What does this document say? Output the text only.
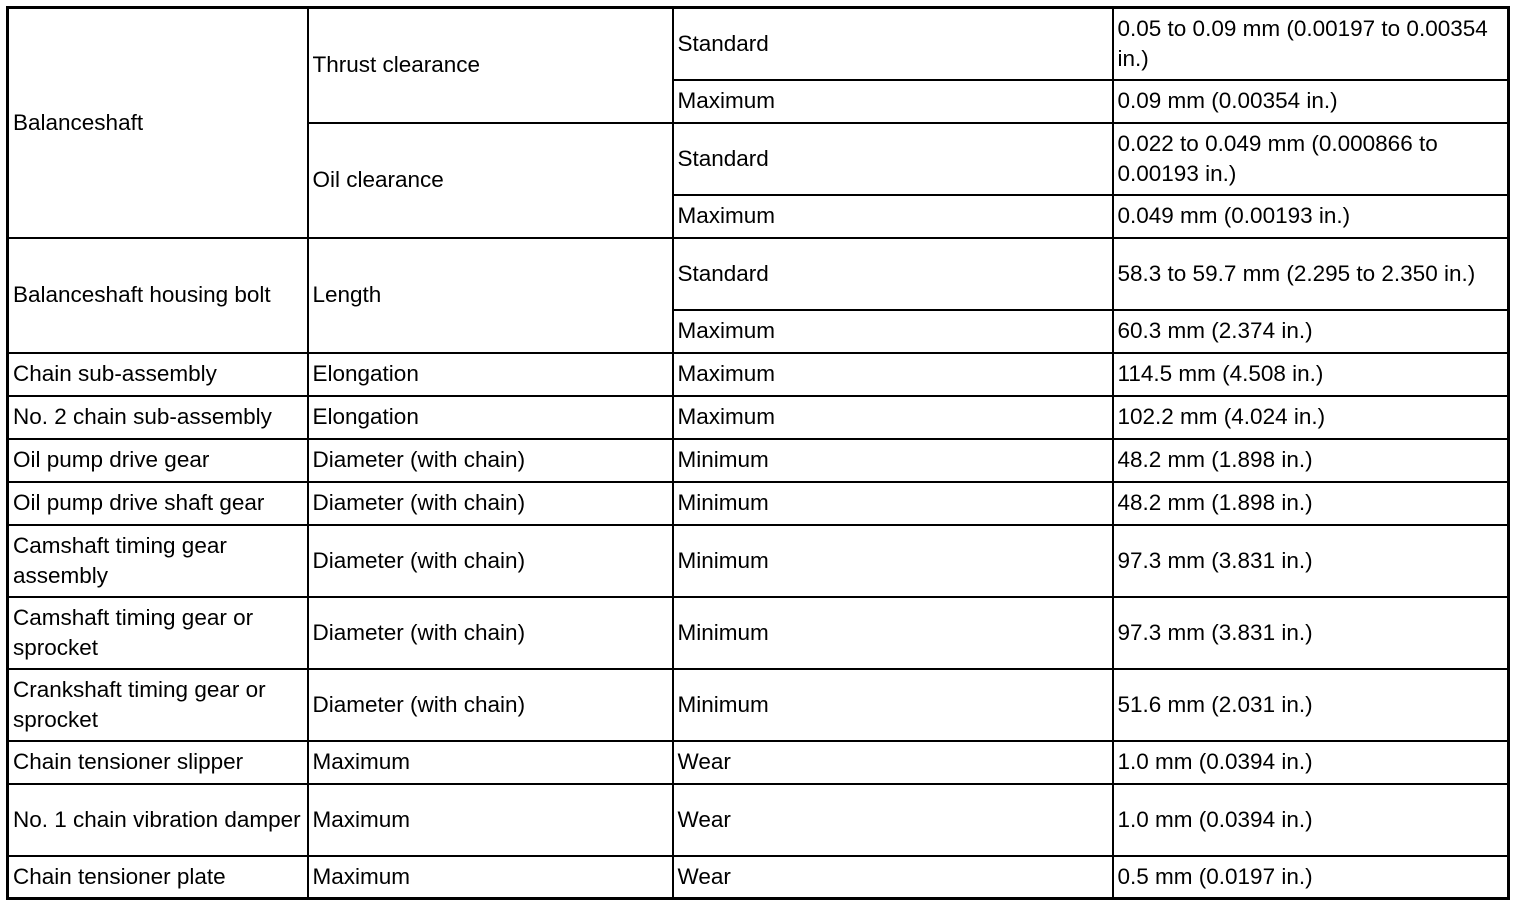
Balanceshaft	Thrust clearance	Standard	0.05 to 0.09 mm (0.00197 to 0.00354 in.)
		Maximum	0.09 mm (0.00354 in.)
	Oil clearance	Standard	0.022 to 0.049 mm (0.000866 to 0.00193 in.)
		Maximum	0.049 mm (0.00193 in.)
Balanceshaft housing bolt	Length	Standard	58.3 to 59.7 mm (2.295 to 2.350 in.)
		Maximum	60.3 mm (2.374 in.)
Chain sub-assembly	Elongation	Maximum	114.5 mm (4.508 in.)
No. 2 chain sub-assembly	Elongation	Maximum	102.2 mm (4.024 in.)
Oil pump drive gear	Diameter (with chain)	Minimum	48.2 mm (1.898 in.)
Oil pump drive shaft gear	Diameter (with chain)	Minimum	48.2 mm (1.898 in.)
Camshaft timing gear assembly	Diameter (with chain)	Minimum	97.3 mm (3.831 in.)
Camshaft timing gear or sprocket	Diameter (with chain)	Minimum	97.3 mm (3.831 in.)
Crankshaft timing gear or sprocket	Diameter (with chain)	Minimum	51.6 mm (2.031 in.)
Chain tensioner slipper	Maximum	Wear	1.0 mm (0.0394 in.)
No. 1 chain vibration damper	Maximum	Wear	1.0 mm (0.0394 in.)
Chain tensioner plate	Maximum	Wear	0.5 mm (0.0197 in.)
